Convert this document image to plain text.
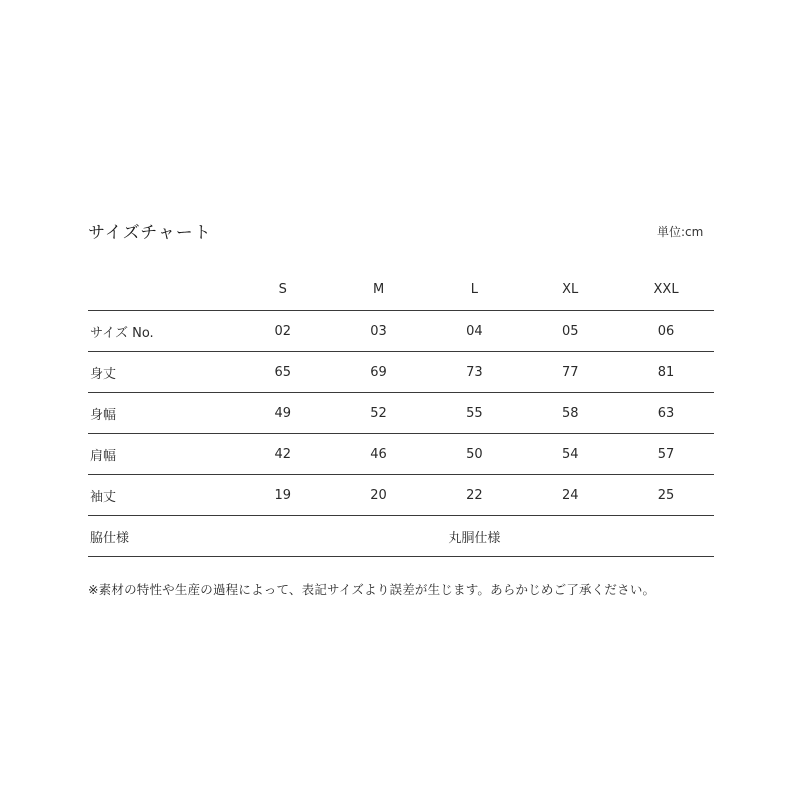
サイズチャート	単位:cm
	S	M	L	XL	XXL
サイズ No.	02	03	04	05	06
身丈	65	69	73	77	81
身幅	49	52	55	58	63
肩幅	42	46	50	54	57
袖丈	19	20	22	24	25
脇仕様	丸胴仕様				
※素材の特性や生産の過程によって、表記サイズより誤差が生じます。あらかじめご了承ください。
